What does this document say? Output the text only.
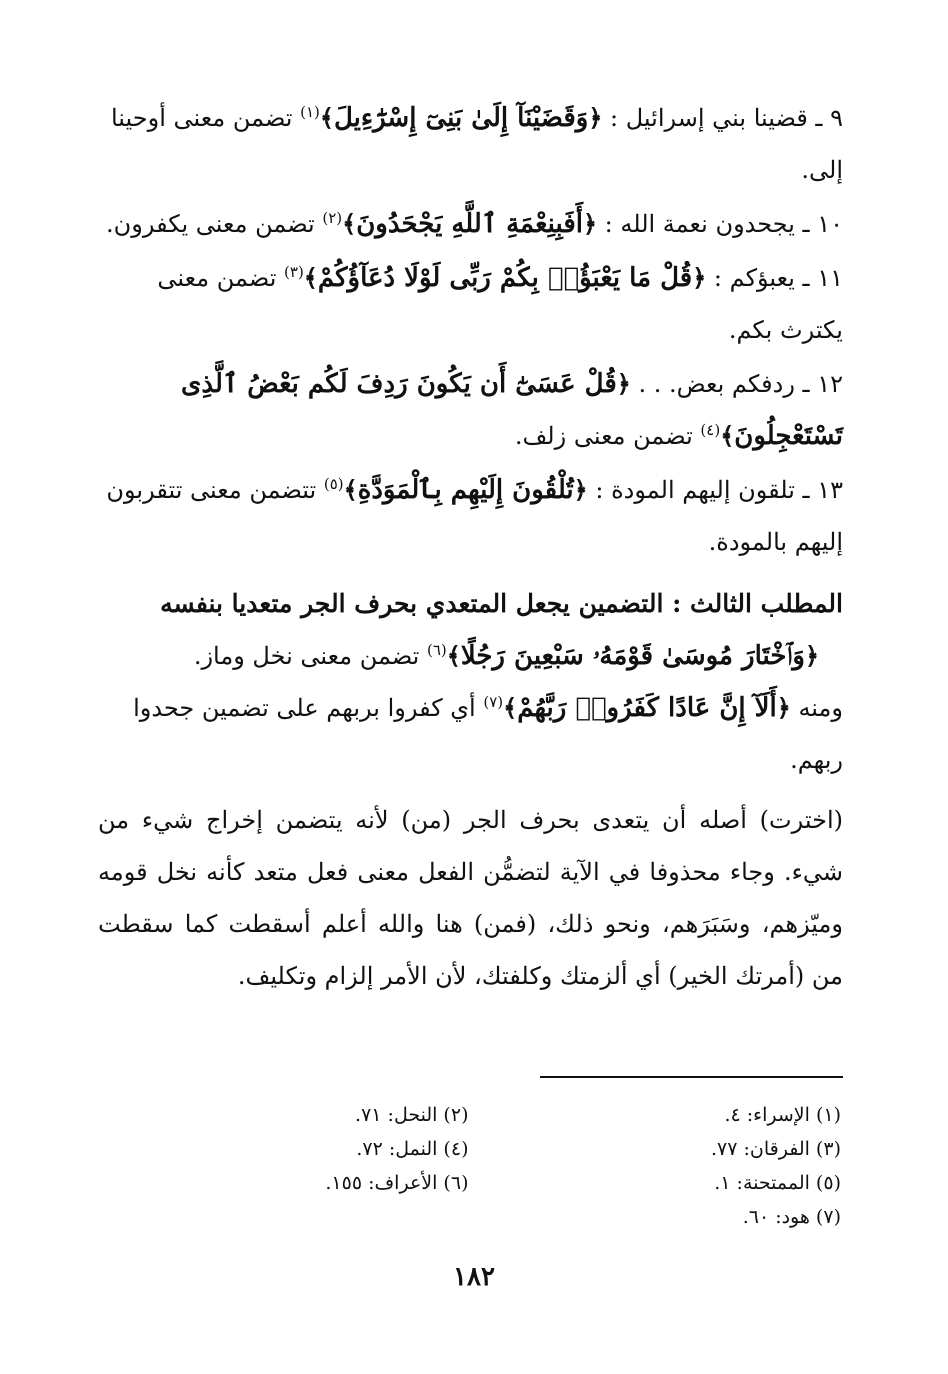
٩ ـ قضينا بني إسرائيل : ﴿وَقَضَيْنَآ إِلَىٰ بَنِىٓ إِسْرَٰٓءِيلَ﴾$^{(١)}$ تضمن معنى أوحينا إلى.
١٠ ـ يجحدون نعمة الله : ﴿أَفَبِنِعْمَةِ ٱللَّهِ يَجْحَدُونَ﴾$^{(٢)}$ تضمن معنى يكفرون.
١١ ـ يعبؤكم : ﴿قُلْ مَا يَعْبَؤُا۟ بِكُمْ رَبِّى لَوْلَا دُعَآؤُكُمْ﴾$^{(٣)}$ تضمن معنى يكترث بكم.
١٢ ـ ردفكم بعض. . . ﴿قُلْ عَسَىٰٓ أَن يَكُونَ رَدِفَ لَكُم بَعْضُ ٱلَّذِى تَسْتَعْجِلُونَ﴾$^{(٤)}$ تضمن معنى زلف.
١٣ ـ تلقون إليهم المودة : ﴿تُلْقُونَ إِلَيْهِم بِٱلْمَوَدَّةِ﴾$^{(٥)}$ تتضمن معنى تتقربون إليهم بالمودة.
المطلب الثالث : التضمين يجعل المتعدي بحرف الجر متعديا بنفسه
﴿وَٱخْتَارَ مُوسَىٰ قَوْمَهُۥ سَبْعِينَ رَجُلًا﴾$^{(٦)}$ تضمن معنى نخل وماز.
ومنه ﴿أَلَآ إِنَّ عَادًا كَفَرُوا۟ رَبَّهُمْ﴾$^{(٧)}$ أي كفروا بربهم على تضمين جحدوا ربهم.
(اخترت) أصله أن يتعدى بحرف الجر (من) لأنه يتضمن إخراج شيء من شيء. وجاء محذوفا في الآية لتضمُّن الفعل معنى فعل متعد كأنه نخل قومه وميّزهم، وسَبَرَهم، ونحو ذلك، (فمن) هنا والله أعلم أسقطت كما سقطت من (أمرتك الخير) أي ألزمتك وكلفتك، لأن الأمر إلزام وتكليف.
(١) الإسراء: ٤.
(٢) النحل: ٧١.
(٣) الفرقان: ٧٧.
(٤) النمل: ٧٢.
(٥) الممتحنة: ١.
(٦) الأعراف: ١٥٥.
(٧) هود: ٦٠.
١٨٢
